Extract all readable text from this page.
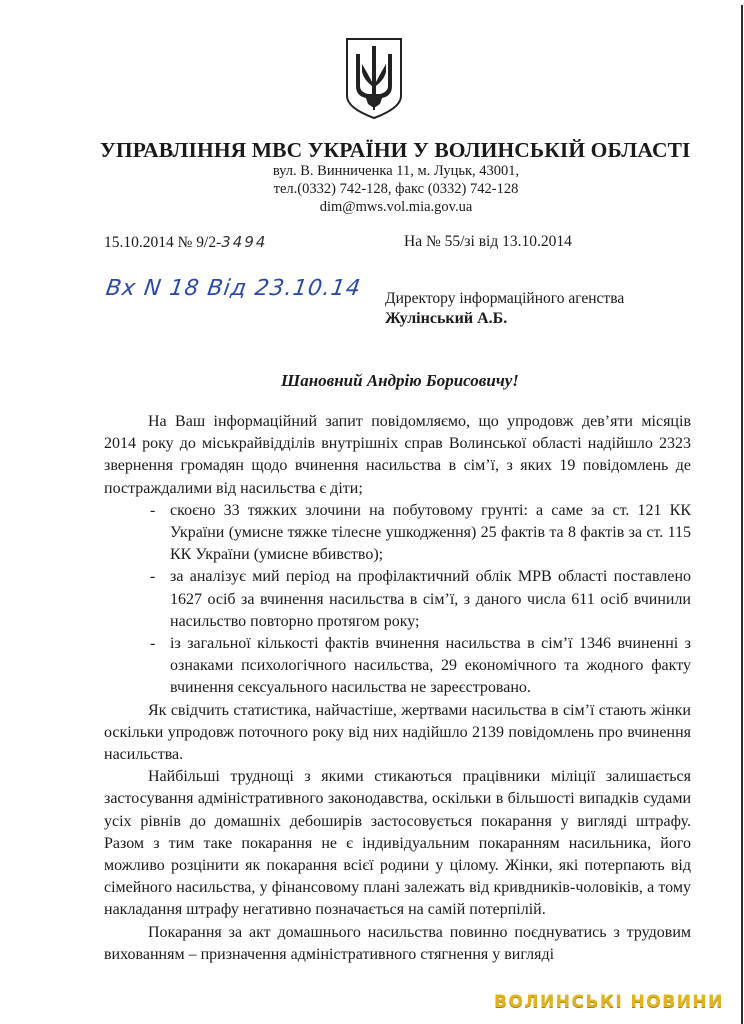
УПРАВЛІННЯ МВС УКРАЇНИ У ВОЛИНСЬКІЙ ОБЛАСТІ
вул. В. Винниченка 11, м. Луцьк, 43001,
тел.(0332) 742-128, факс (0332) 742-128
dim@mws.vol.mia.gov.ua
15.10.2014 № 9/2-3494	На № 55/зі від 13.10.2014
Вх N 18 Від 23.10.14 Директору інформаційного агенства
Жулінський А.Б.
Шановний Андрію Борисовичу!

На Ваш інформаційний запит повідомляємо, що упродовж дев’яти місяців 2014 року до міськрайвідділів внутрішніх справ Волинської області надійшло 2323 звернення громадян щодо вчинення насильства в сім’ї, з яких 19 повідомлень де постраждалими від насильства є діти;

- скоєно 33 тяжких злочини на побутовому грунті: а саме за ст. 121 КК України (умисне тяжке тілесне ушкодження) 25 фактів та 8 фактів за ст. 115 КК України (умисне вбивство);
- за аналізує мий період на профілактичний облік МРВ області поставлено 1627 осіб за вчинення насильства в сім’ї, з даного числа 611 осіб вчинили насильство повторно протягом року;
- із загальної кількості фактів вчинення насильства в сім’ї 1346 вчиненні з ознаками психологічного насильства, 29 економічного та жодного факту вчинення сексуального насильства не зареєстровано.

Як свідчить статистика, найчастіше, жертвами насильства в сім’ї стають жінки оскільки упродовж поточного року від них надійшло 2139 повідомлень про вчинення насильства.

Найбільші труднощі з якими стикаються працівники міліції залишається застосування адміністративного законодавства, оскільки в більшості випадків судами усіх рівнів до домашніх дебоширів застосовується покарання у вигляді штрафу. Разом з тим таке покарання не є індивідуальним покаранням насильника, його можливо розцінити як покарання всієї родини у цілому. Жінки, які потерпають від сімейного насильства, у фінансовому плані залежать від кривдників-чоловіків, а тому накладання штрафу негативно позначається на самій потерпілій.

Покарання за акт домашнього насильства повинно поєднуватись з трудовим вихованням – призначення адміністративного стягнення у вигляді

ВОЛИНСЬКІ НОВИНИ
